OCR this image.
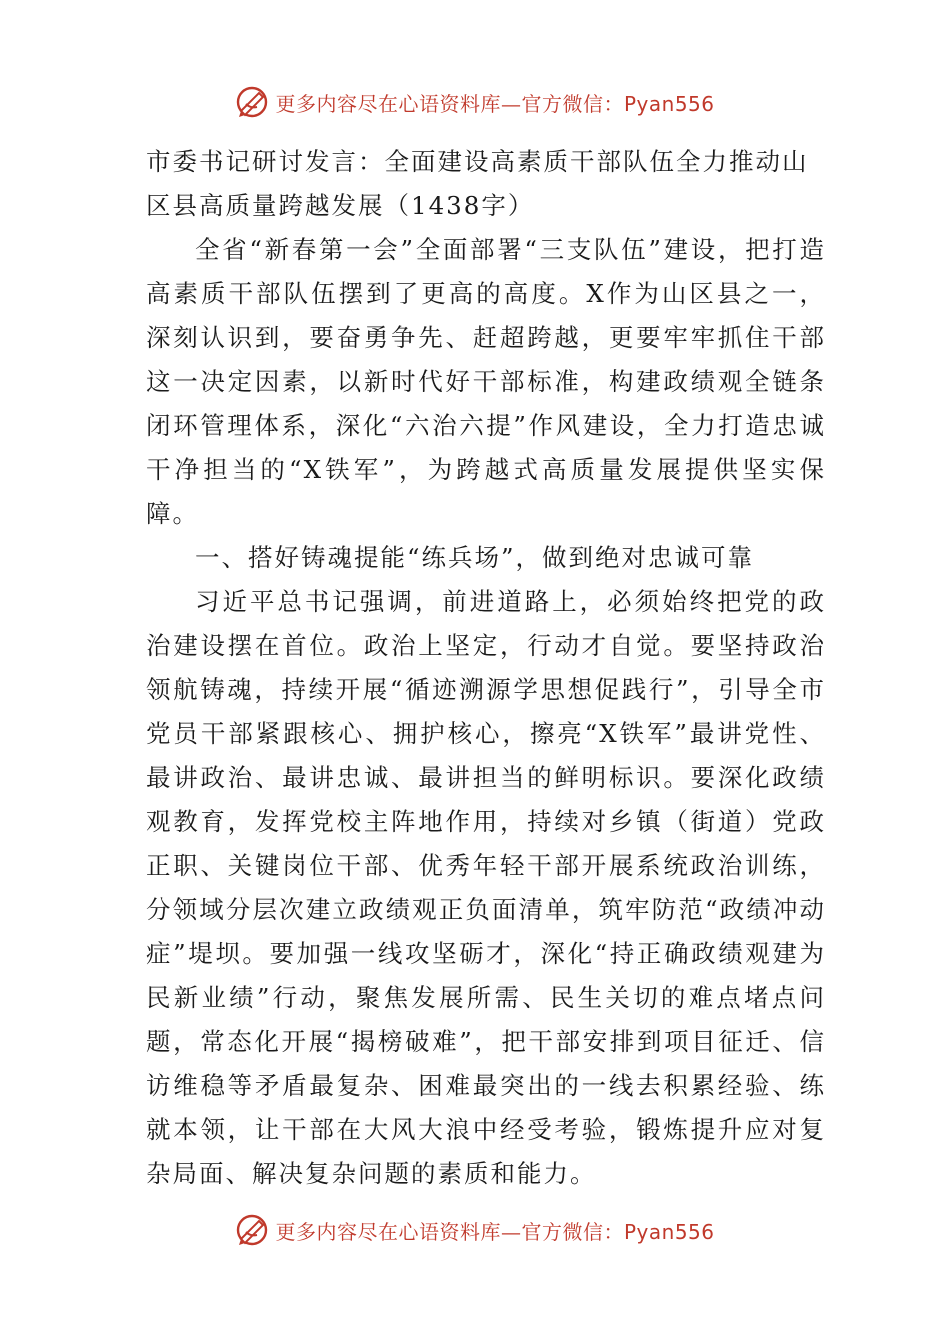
更多内容尽在心语资料库—官方微信：Pyan556

市委书记研讨发言：全面建设高素质干部队伍全力推动山区县高质量跨越发展（1438字）

全省“新春第一会”全面部署“三支队伍”建设，把打造高素质干部队伍摆到了更高的高度。X作为山区县之一，深刻认识到，要奋勇争先、赶超跨越，更要牢牢抓住干部这一决定因素，以新时代好干部标准，构建政绩观全链条闭环管理体系，深化“六治六提”作风建设，全力打造忠诚干净担当的“X铁军”，为跨越式高质量发展提供坚实保障。

一、搭好铸魂提能“练兵场”，做到绝对忠诚可靠

习近平总书记强调，前进道路上，必须始终把党的政治建设摆在首位。政治上坚定，行动才自觉。要坚持政治领航铸魂，持续开展“循迹溯源学思想促践行”，引导全市党员干部紧跟核心、拥护核心，擦亮“X铁军”最讲党性、最讲政治、最讲忠诚、最讲担当的鲜明标识。要深化政绩观教育，发挥党校主阵地作用，持续对乡镇（街道）党政正职、关键岗位干部、优秀年轻干部开展系统政治训练，分领域分层次建立政绩观正负面清单，筑牢防范“政绩冲动症”堤坝。要加强一线攻坚砺才，深化“持正确政绩观建为民新业绩”行动，聚焦发展所需、民生关切的难点堵点问题，常态化开展“揭榜破难”，把干部安排到项目征迁、信访维稳等矛盾最复杂、困难最突出的一线去积累经验、练就本领，让干部在大风大浪中经受考验，锻炼提升应对复杂局面、解决复杂问题的素质和能力。

更多内容尽在心语资料库—官方微信：Pyan556
